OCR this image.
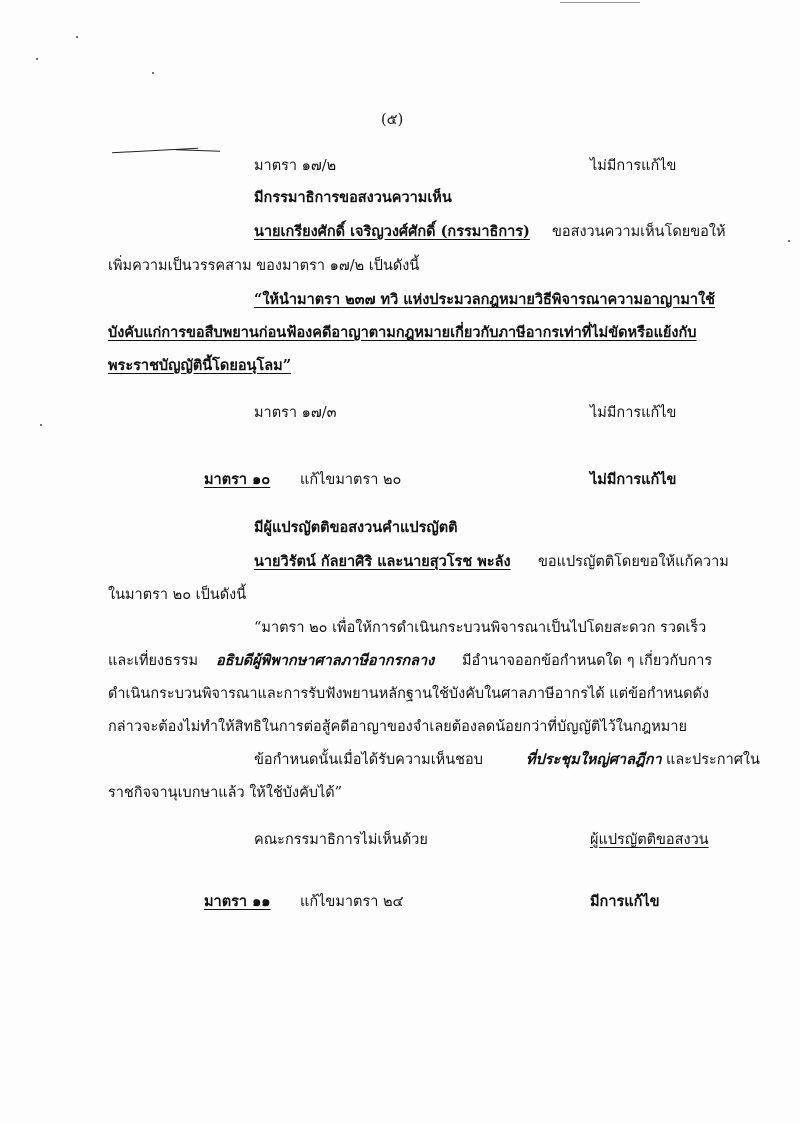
(๕)
มาตรา ๑๗/๒	ไม่มีการแก้ไข
มีกรรมาธิการขอสงวนความเห็น
นายเกรียงศักดิ์ เจริญวงศ์ศักดิ์ (กรรมาธิการ) ขอสงวนความเห็นโดยขอให้
เพิ่มความเป็นวรรคสาม ของมาตรา ๑๗/๒ เป็นดังนี้
“ให้นำมาตรา ๒๓๗ ทวิ แห่งประมวลกฎหมายวิธีพิจารณาความอาญามาใช้
บังคับแก่การขอสืบพยานก่อนฟ้องคดีอาญาตามกฎหมายเกี่ยวกับภาษีอากรเท่าที่ไม่ขัดหรือแย้งกับ
พระราชบัญญัตินี้โดยอนุโลม”
มาตรา ๑๗/๓	ไม่มีการแก้ไข
มาตรา ๑๐ แก้ไขมาตรา ๒๐	ไม่มีการแก้ไข
มีผู้แปรญัตติขอสงวนคำแปรญัตติ
นายวิรัตน์ กัลยาศิริ และนายสุวโรช พะลัง ขอแปรญัตติโดยขอให้แก้ความ
ในมาตรา ๒๐ เป็นดังนี้
“มาตรา ๒๐ เพื่อให้การดำเนินกระบวนพิจารณาเป็นไปโดยสะดวก รวดเร็ว
และเที่ยงธรรม อธิบดีผู้พิพากษาศาลภาษีอากรกลาง มีอำนาจออกข้อกำหนดใด ๆ เกี่ยวกับการ
ดำเนินกระบวนพิจารณาและการรับฟังพยานหลักฐานใช้บังคับในศาลภาษีอากรได้ แต่ข้อกำหนดดัง
กล่าวจะต้องไม่ทำให้สิทธิในการต่อสู้คดีอาญาของจำเลยต้องลดน้อยกว่าที่บัญญัติไว้ในกฎหมาย
ข้อกำหนดนั้นเมื่อได้รับความเห็นชอบ	ที่ประชุมใหญ่ศาลฎีกา และประกาศใน
ราชกิจจานุเบกษาแล้ว ให้ใช้บังคับได้”
คณะกรรมาธิการไม่เห็นด้วย	ผู้แปรญัตติขอสงวน
มาตรา ๑๑ แก้ไขมาตรา ๒๔	มีการแก้ไข
